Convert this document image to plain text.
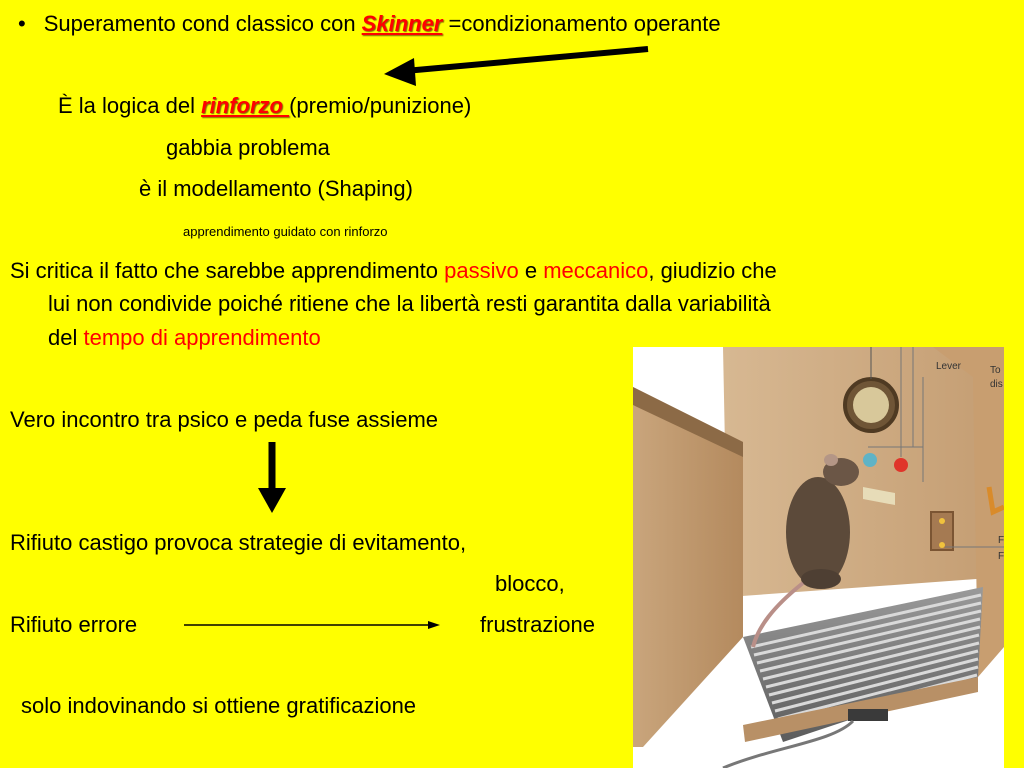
• Superamento cond classico con Skinner =condizionamento operante
È la logica del rinforzo (premio/punizione)
gabbia problema
è il modellamento (Shaping)
apprendimento guidato con rinforzo
Si critica il fatto che sarebbe apprendimento passivo e meccanico, giudizio che
lui non condivide poiché ritiene che la libertà resti garantita dalla variabilità
del tempo di apprendimento
Vero incontro tra psico e peda fuse assieme
Rifiuto castigo provoca strategie di evitamento,
blocco,
Rifiuto errore	frustrazione
solo indovinando si ottiene gratificazione
Lever	To
dis
F
F
